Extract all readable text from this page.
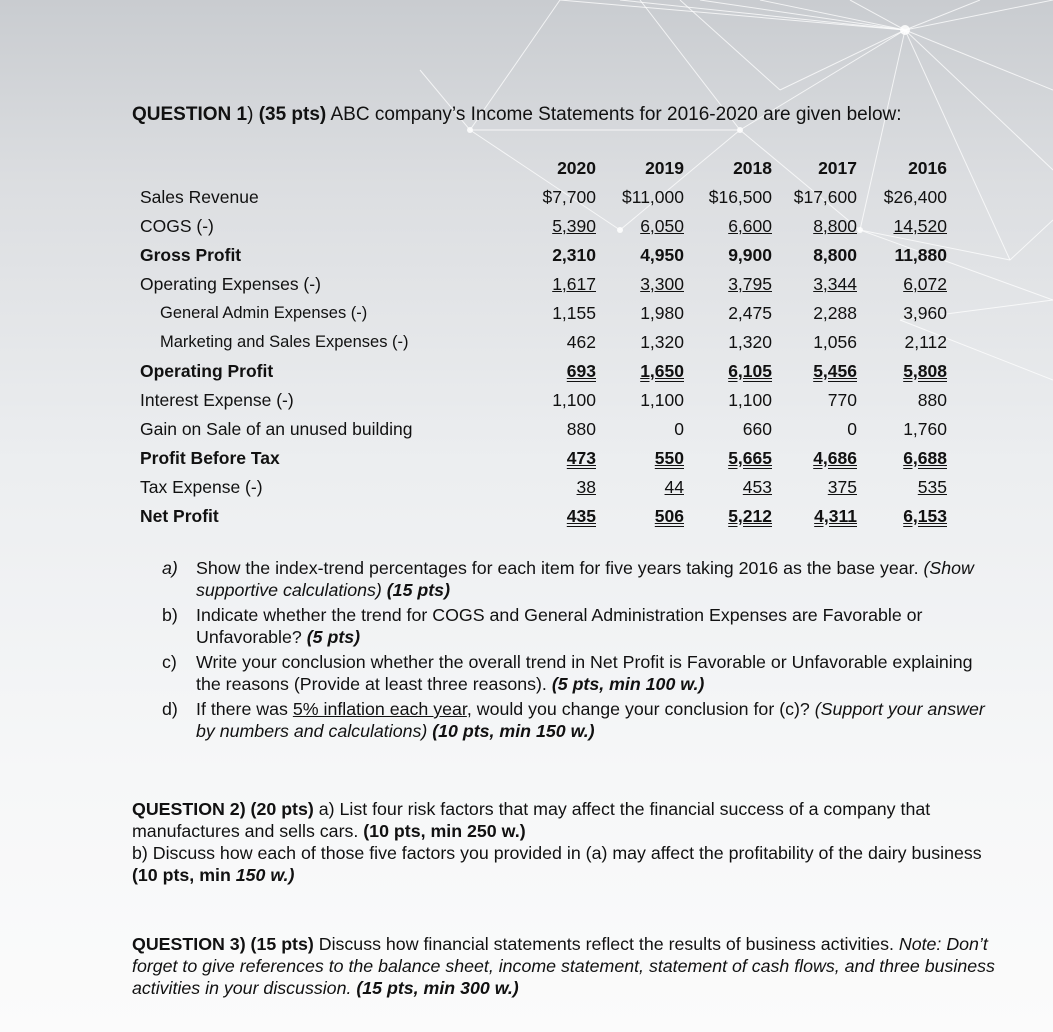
QUESTION 1) (35 pts) ABC company’s Income Statements for 2016-2020 are given below:
	2020	2019	2018	2017	2016
Sales Revenue	$7,700	$11,000	$16,500	$17,600	$26,400
COGS (-)	5,390	6,050	6,600	8,800	14,520
Gross Profit	2,310	4,950	9,900	8,800	11,880
Operating Expenses (-)	1,617	3,300	3,795	3,344	6,072
General Admin Expenses (-)	1,155	1,980	2,475	2,288	3,960
Marketing and Sales Expenses (-)	462	1,320	1,320	1,056	2,112
Operating Profit	693	1,650	6,105	5,456	5,808
Interest Expense (-)	1,100	1,100	1,100	770	880
Gain on Sale of an unused building	880	0	660	0	1,760
Profit Before Tax	473	550	5,665	4,686	6,688
Tax Expense (-)	38	44	453	375	535
Net Profit	435	506	5,212	4,311	6,153
a) Show the index-trend percentages for each item for five years taking 2016 as the base year. (Show supportive calculations) (15 pts)
b) Indicate whether the trend for COGS and General Administration Expenses are Favorable or Unfavorable? (5 pts)
c) Write your conclusion whether the overall trend in Net Profit is Favorable or Unfavorable explaining the reasons (Provide at least three reasons). (5 pts, min 100 w.)
d) If there was 5% inflation each year, would you change your conclusion for (c)? (Support your answer by numbers and calculations) (10 pts, min 150 w.)

QUESTION 2) (20 pts) a) List four risk factors that may affect the financial success of a company that manufactures and sells cars. (10 pts, min 250 w.)

b) Discuss how each of those five factors you provided in (a) may affect the profitability of the dairy business (10 pts, min 150 w.)

QUESTION 3) (15 pts) Discuss how financial statements reflect the results of business activities. Note: Don’t forget to give references to the balance sheet, income statement, statement of cash flows, and three business activities in your discussion. (15 pts, min 300 w.)
